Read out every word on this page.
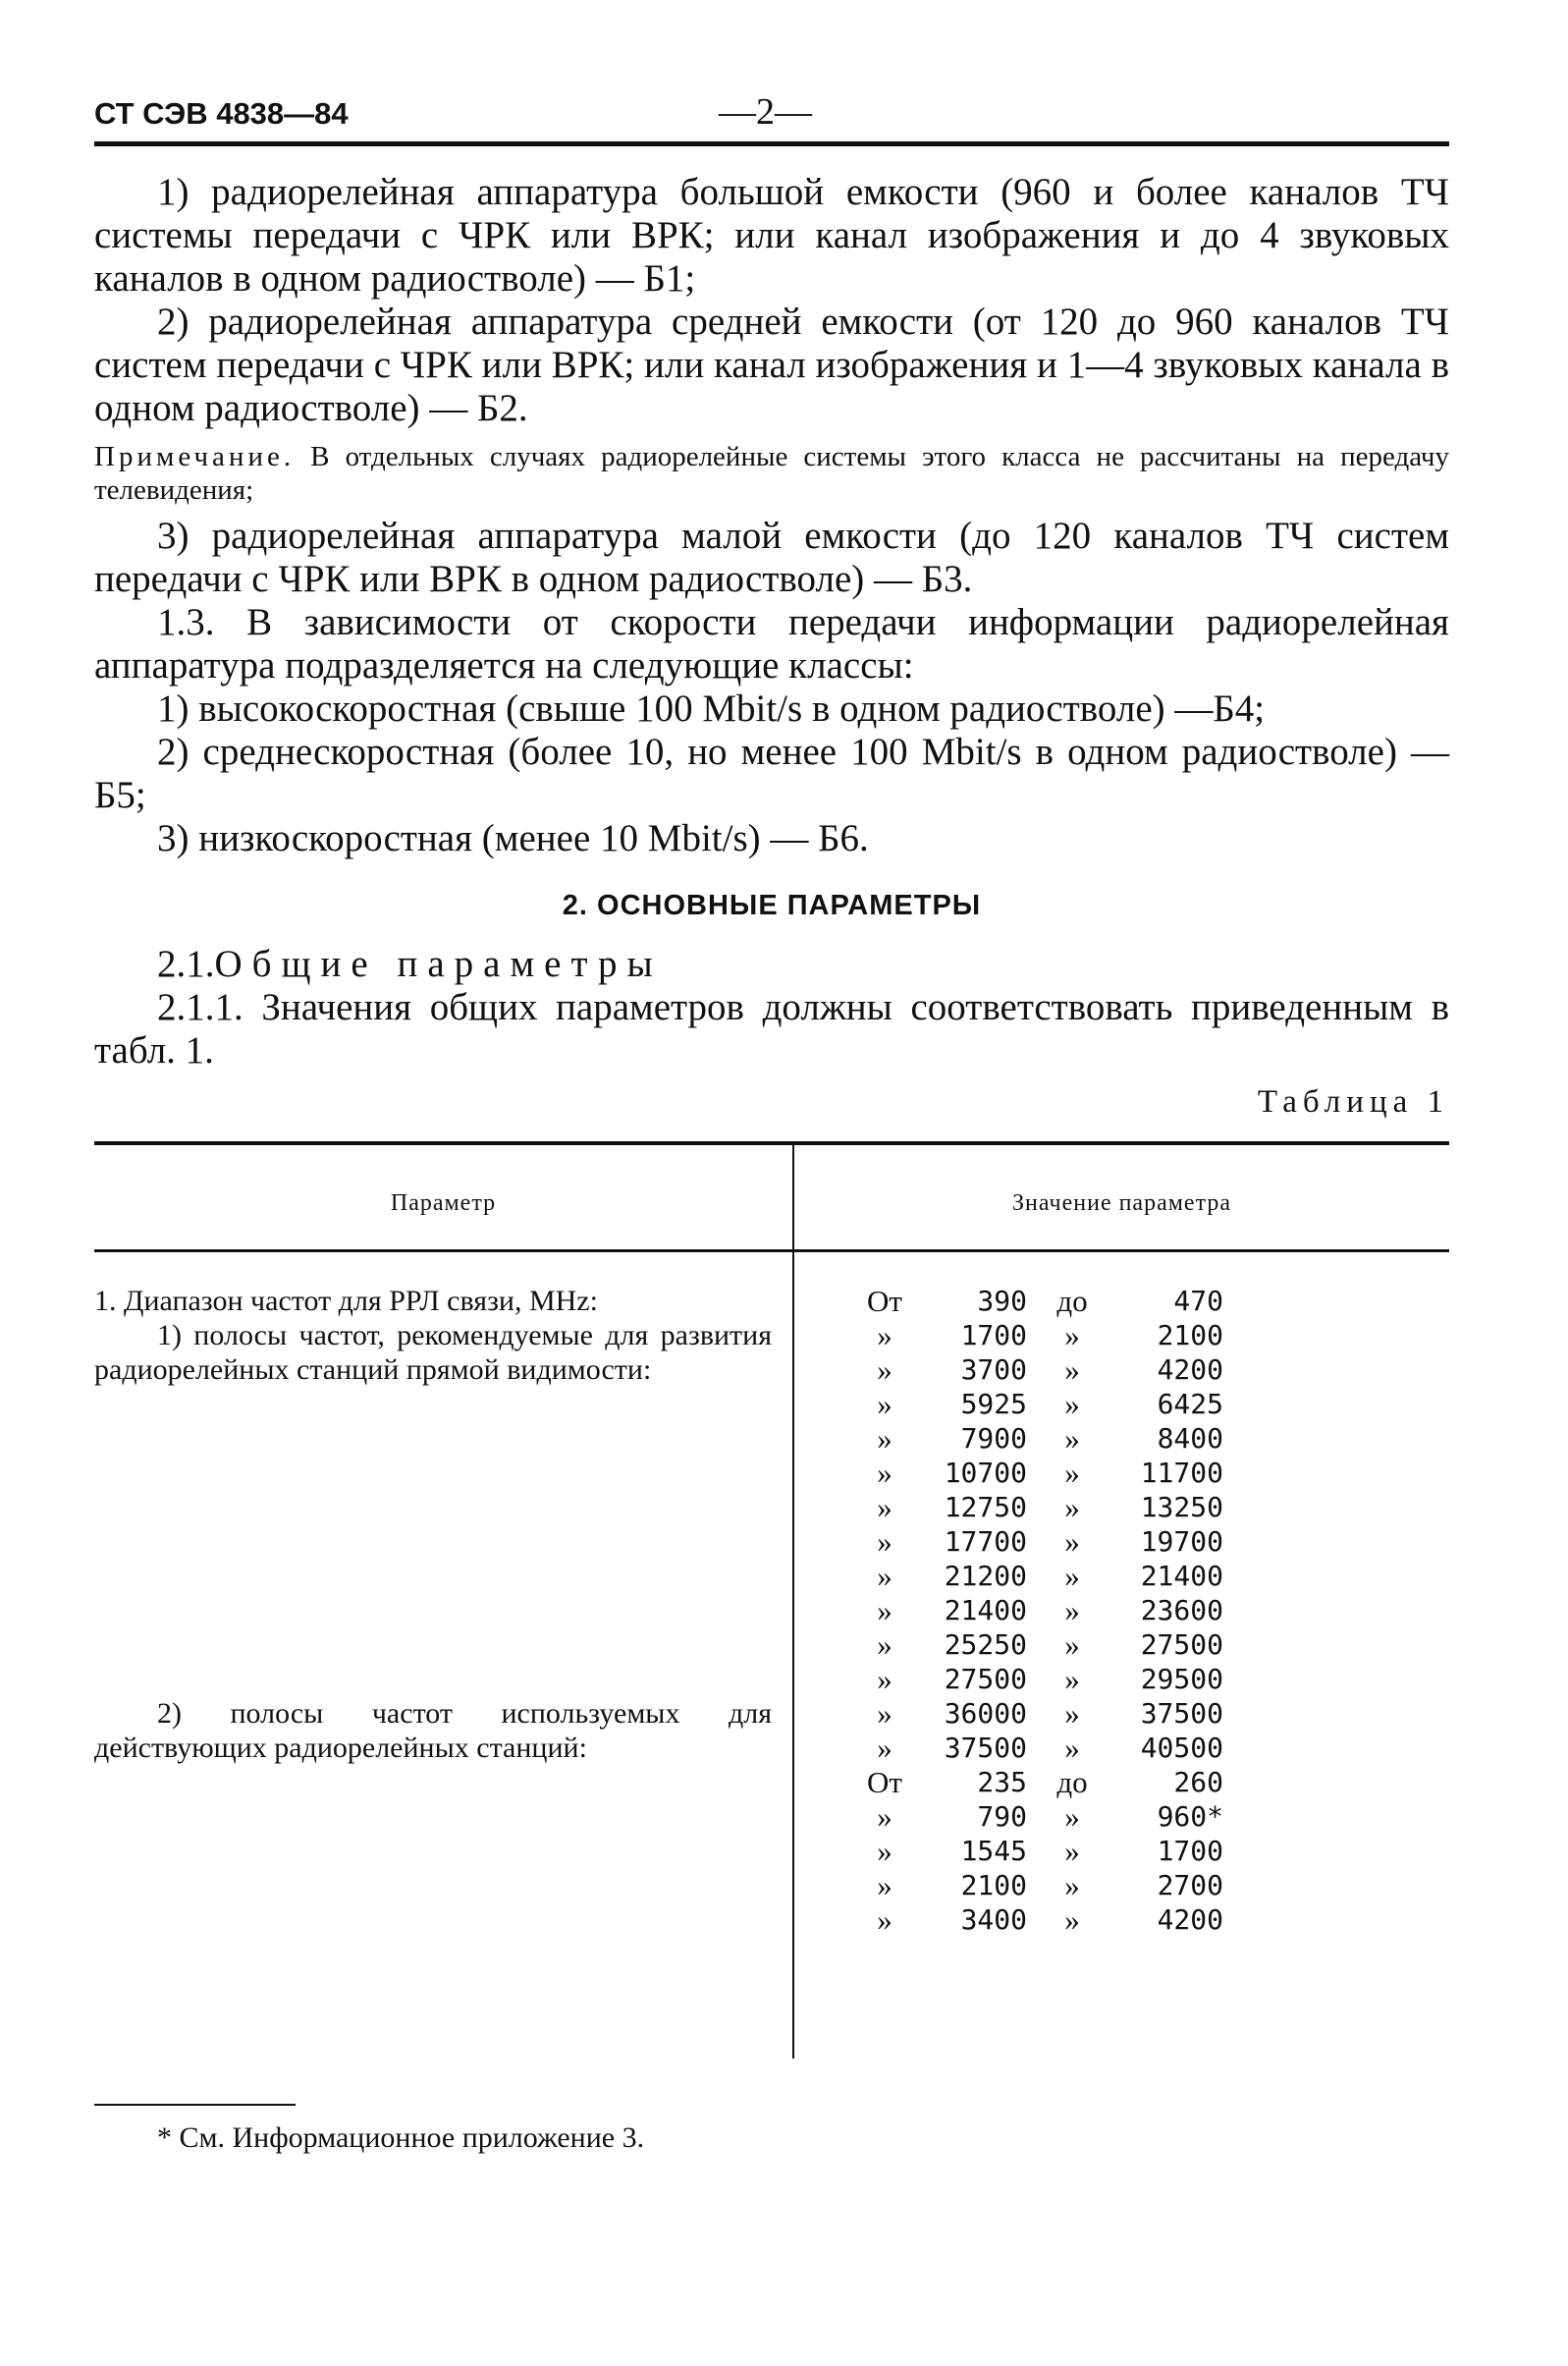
СТ СЭВ 4838—84	—2—

1) радиорелейная аппаратура большой емкости (960 и более каналов ТЧ системы передачи с ЧРК или ВРК; или канал изображения и до 4 звуковых каналов в одном радиостволе) — Б1;

2) радиорелейная аппаратура средней емкости (от 120 до 960 каналов ТЧ систем передачи с ЧРК или ВРК; или канал изображения и 1—4 звуковых канала в одном радиостволе) — Б2.

Примечание. В отдельных случаях радиорелейные системы этого класса не рассчитаны на передачу телевидения;

3) радиорелейная аппаратура малой емкости (до 120 каналов ТЧ систем передачи с ЧРК или ВРК в одном радиостволе) — Б3.

1.3. В зависимости от скорости передачи информации радиорелейная аппаратура подразделяется на следующие классы:

1) высокоскоростная (свыше 100 Mbit/s в одном радиостволе) —Б4;

2) среднескоростная (более 10, но менее 100 Mbit/s в одном радиостволе) — Б5;

3) низкоскоростная (менее 10 Mbit/s) — Б6.

2. ОСНОВНЫЕ ПАРАМЕТРЫ

2.1.Общие параметры

2.1.1. Значения общих параметров должны соответствовать приведенным в табл. 1.

Таблица 1
Параметр	Значение параметра

1. Диапазон частот для РРЛ связи, MHz:

1) полосы частот, рекомендуемые для развития радиорелейных станций прямой видимости:

2) полосы частот используемых для действующих радиорелейных станций:

От	390 до	470
»	1700	»	2100
»	3700	»	4200
»	5925	»	6425
»	7900	»	8400
»	10700	»	11700
»	12750	»	13250
»	17700	»	19700
»	21200	»	21400
»	21400	»	23600
»	25250	»	27500
»	27500	»	29500
»	36000	»	37500
»	37500	»	40500
От	235 до	260
»	790	»	960*
»	1545	»	1700
»	2100	»	2700
»	3400	»	4200
* См. Информационное приложение 3.
